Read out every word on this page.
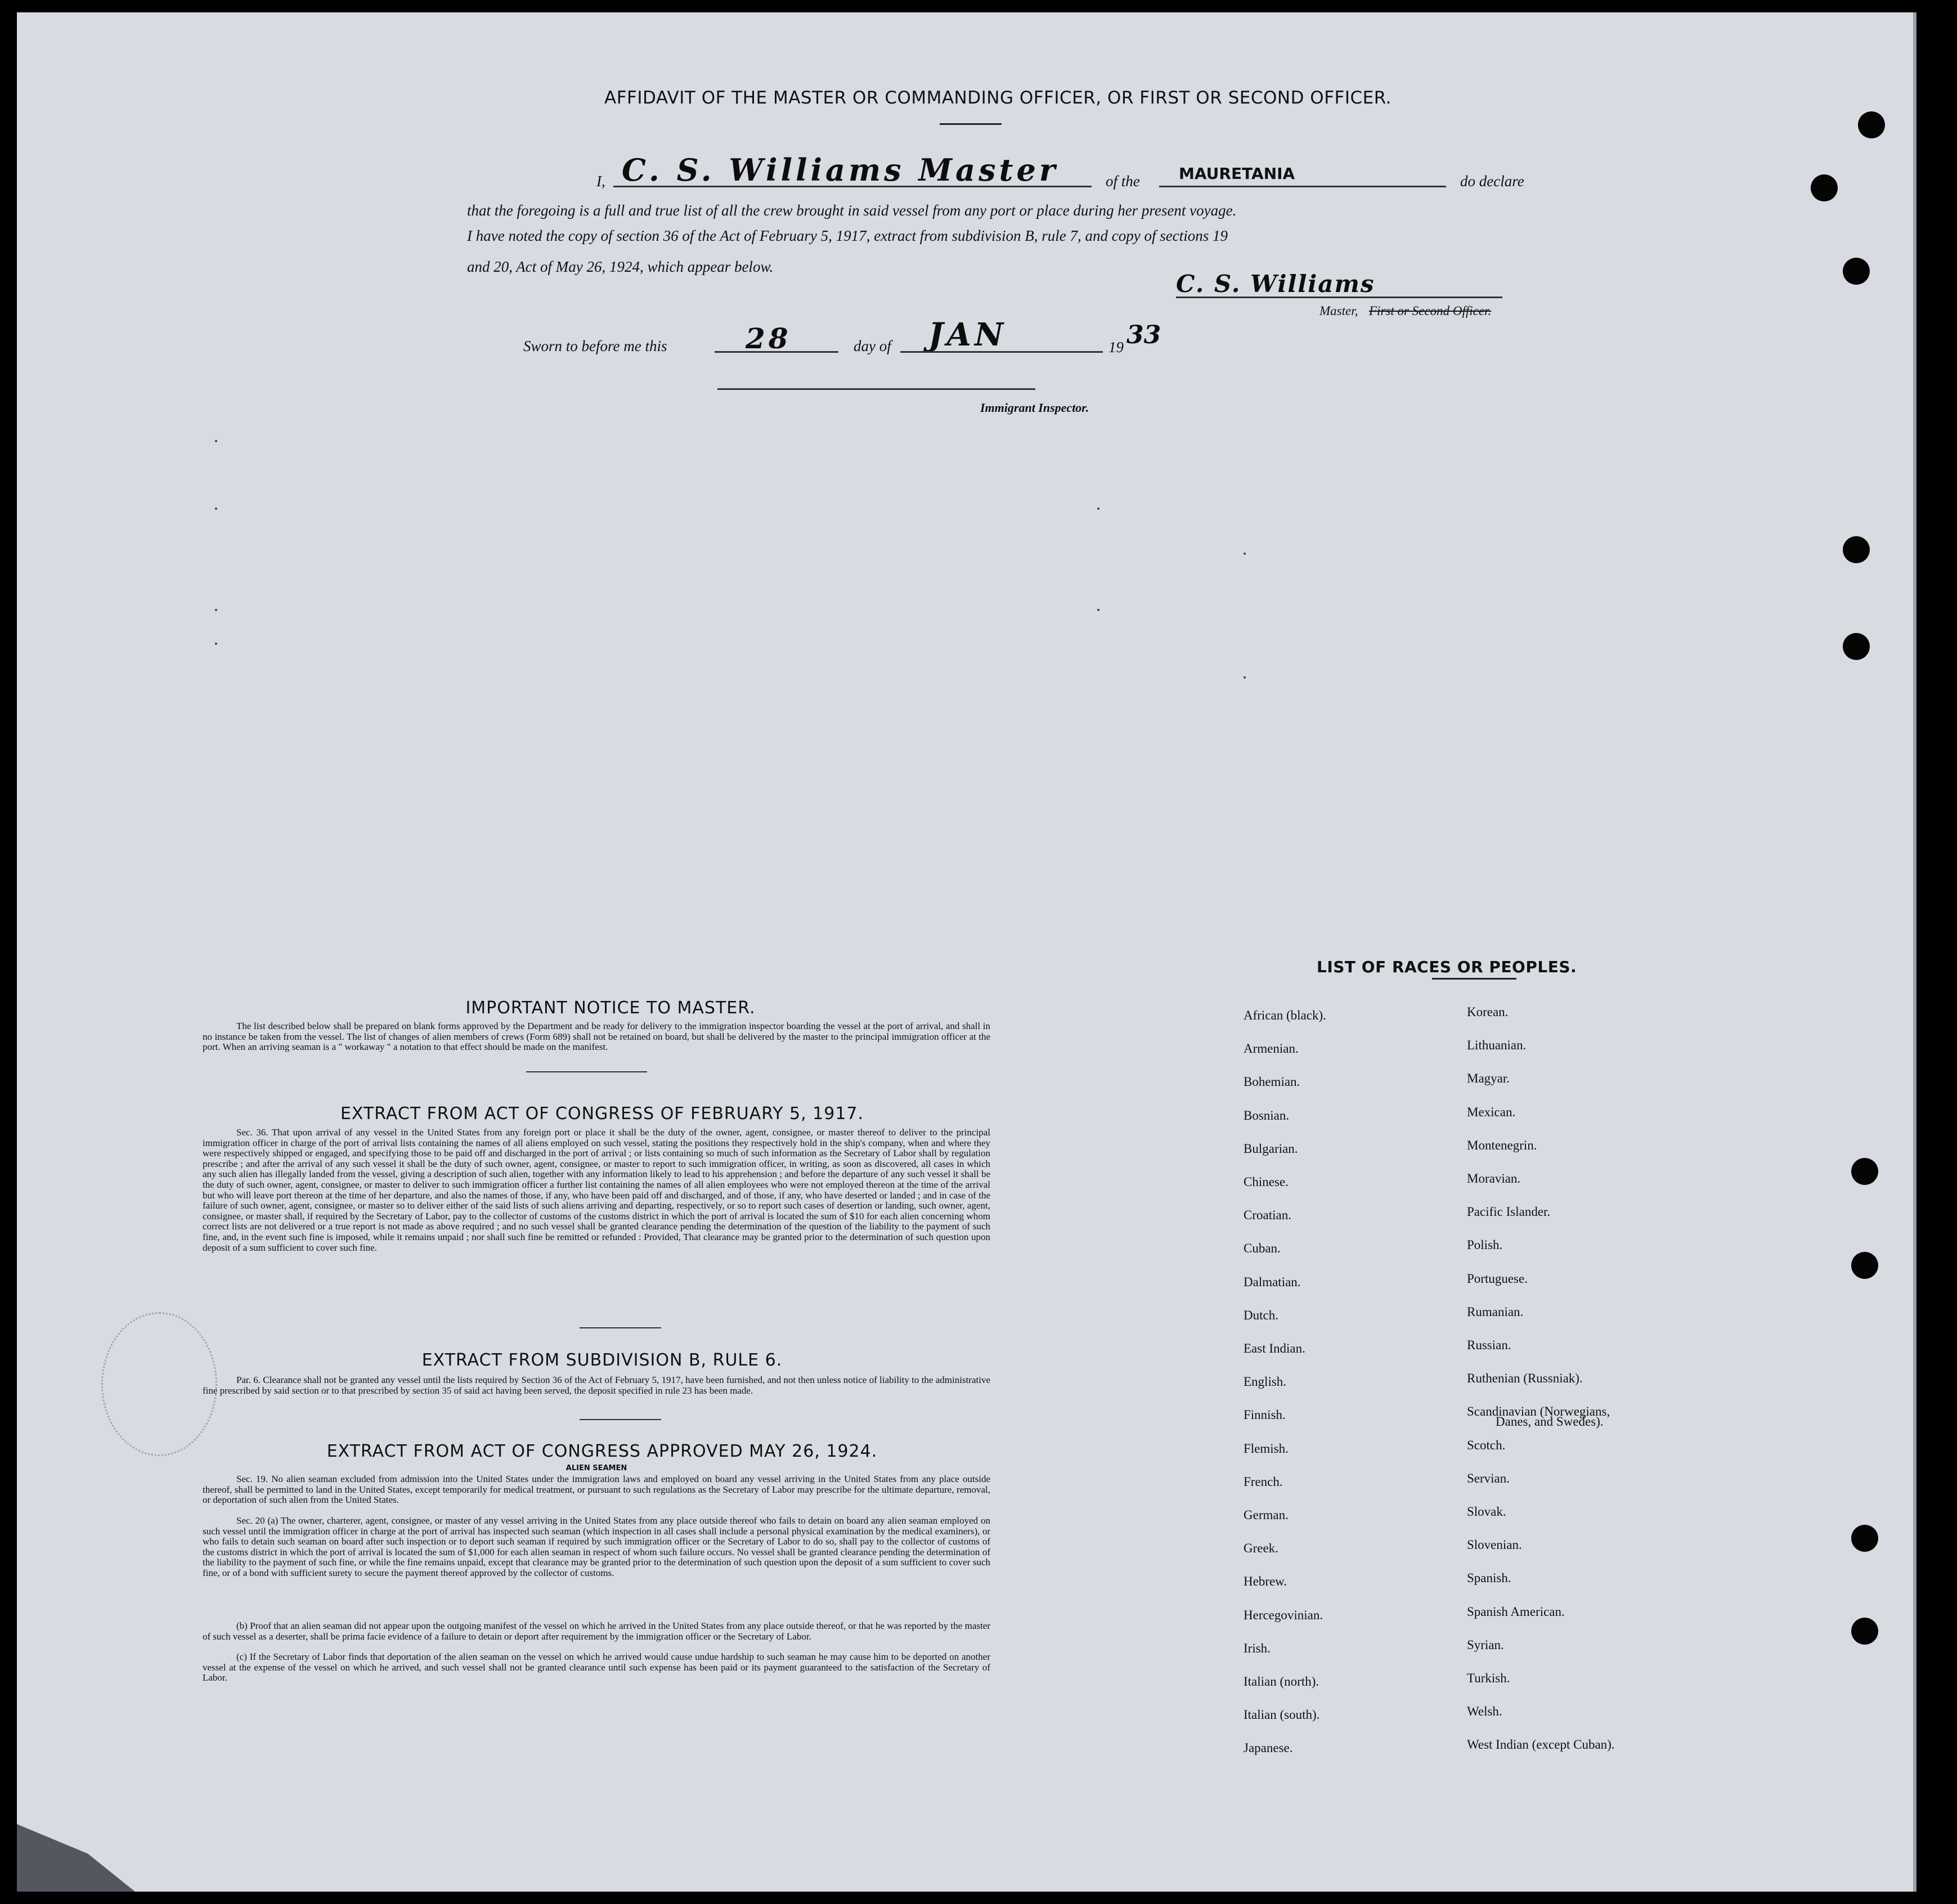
AFFIDAVIT OF THE MASTER OR COMMANDING OFFICER, OR FIRST OR SECOND OFFICER.
I, C. S. Williams Master	of the MAURETANIA	do declare
that the foregoing is a full and true list of all the crew brought in said vessel from any port or place during her present voyage.
I have noted the copy of section 36 of the Act of February 5, 1917, extract from subdivision B, rule 7, and copy of sections 19
and 20, Act of May 26, 1924, which appear below.
C. S. Williams
Master, First or Second Officer.
Sworn to before me this	28	day of JAN	19 33
Immigrant Inspector.
IMPORTANT NOTICE TO MASTER.
The list described below shall be prepared on blank forms approved by the Department and be ready for delivery to the immigration inspector boarding the vessel at the port of arrival, and shall in no instance be taken from the vessel. The list of changes of alien members of crews (Form 689) shall not be retained on board, but shall be delivered by the master to the principal immigration officer at the port. When an arriving seaman is a " workaway " a notation to that effect should be made on the manifest.
EXTRACT FROM ACT OF CONGRESS OF FEBRUARY 5, 1917.
Sec. 36. That upon arrival of any vessel in the United States from any foreign port or place it shall be the duty of the owner, agent, consignee, or master thereof to deliver to the principal immigration officer in charge of the port of arrival lists containing the names of all aliens employed on such vessel, stating the positions they respectively hold in the ship's company, when and where they were respectively shipped or engaged, and specifying those to be paid off and discharged in the port of arrival ; or lists containing so much of such information as the Secretary of Labor shall by regulation prescribe ; and after the arrival of any such vessel it shall be the duty of such owner, agent, consignee, or master to report to such immigration officer, in writing, as soon as discovered, all cases in which any such alien has illegally landed from the vessel, giving a description of such alien, together with any information likely to lead to his apprehension ; and before the departure of any such vessel it shall be the duty of such owner, agent, consignee, or master to deliver to such immigration officer a further list containing the names of all alien employees who were not employed thereon at the time of the arrival but who will leave port thereon at the time of her departure, and also the names of those, if any, who have been paid off and discharged, and of those, if any, who have deserted or landed ; and in case of the failure of such owner, agent, consignee, or master so to deliver either of the said lists of such aliens arriving and departing, respectively, or so to report such cases of desertion or landing, such owner, agent, consignee, or master shall, if required by the Secretary of Labor, pay to the collector of customs of the customs district in which the port of arrival is located the sum of $10 for each alien concerning whom correct lists are not delivered or a true report is not made as above required ; and no such vessel shall be granted clearance pending the determination of the question of the liability to the payment of such fine, and, in the event such fine is imposed, while it remains unpaid ; nor shall such fine be remitted or refunded : Provided, That clearance may be granted prior to the determination of such question upon deposit of a sum sufficient to cover such fine.
EXTRACT FROM SUBDIVISION B, RULE 6.
Par. 6. Clearance shall not be granted any vessel until the lists required by Section 36 of the Act of February 5, 1917, have been furnished, and not then unless notice of liability to the administrative fine prescribed by said section or to that prescribed by section 35 of said act having been served, the deposit specified in rule 23 has been made.
EXTRACT FROM ACT OF CONGRESS APPROVED MAY 26, 1924.
ALIEN SEAMEN
Sec. 19. No alien seaman excluded from admission into the United States under the immigration laws and employed on board any vessel arriving in the United States from any place outside thereof, shall be permitted to land in the United States, except temporarily for medical treatment, or pursuant to such regulations as the Secretary of Labor may prescribe for the ultimate departure, removal, or deportation of such alien from the United States.
Sec. 20 (a) The owner, charterer, agent, consignee, or master of any vessel arriving in the United States from any place outside thereof who fails to detain on board any alien seaman employed on such vessel until the immigration officer in charge at the port of arrival has inspected such seaman (which inspection in all cases shall include a personal physical examination by the medical examiners), or who fails to detain such seaman on board after such inspection or to deport such seaman if required by such immigration officer or the Secretary of Labor to do so, shall pay to the collector of customs of the customs district in which the port of arrival is located the sum of $1,000 for each alien seaman in respect of whom such failure occurs. No vessel shall be granted clearance pending the determination of the liability to the payment of such fine, or while the fine remains unpaid, except that clearance may be granted prior to the determination of such question upon the deposit of a sum sufficient to cover such fine, or of a bond with sufficient surety to secure the payment thereof approved by the collector of customs.
(b) Proof that an alien seaman did not appear upon the outgoing manifest of the vessel on which he arrived in the United States from any place outside thereof, or that he was reported by the master of such vessel as a deserter, shall be prima facie evidence of a failure to detain or deport after requirement by the immigration officer or the Secretary of Labor.
(c) If the Secretary of Labor finds that deportation of the alien seaman on the vessel on which he arrived would cause undue hardship to such seaman he may cause him to be deported on another vessel at the expense of the vessel on which he arrived, and such vessel shall not be granted clearance until such expense has been paid or its payment guaranteed to the satisfaction of the Secretary of Labor.
LIST OF RACES OR PEOPLES.
Danes, and Swedes).
African (black).
Armenian.
Bohemian.
Bosnian.
Bulgarian.
Chinese.
Croatian.
Cuban.
Dalmatian.
Dutch.
East Indian.
English.
Finnish.
Flemish.
French.
German.
Greek.
Hebrew.
Hercegovinian.
Irish.
Italian (north).
Italian (south).
Japanese.
Korean.
Lithuanian.
Magyar.
Mexican.
Montenegrin.
Moravian.
Pacific Islander.
Polish.
Portuguese.
Rumanian.
Russian.
Ruthenian (Russniak).
Scandinavian (Norwegians,
Scotch.
Servian.
Slovak.
Slovenian.
Spanish.
Spanish American.
Syrian.
Turkish.
Welsh.
West Indian (except Cuban).
